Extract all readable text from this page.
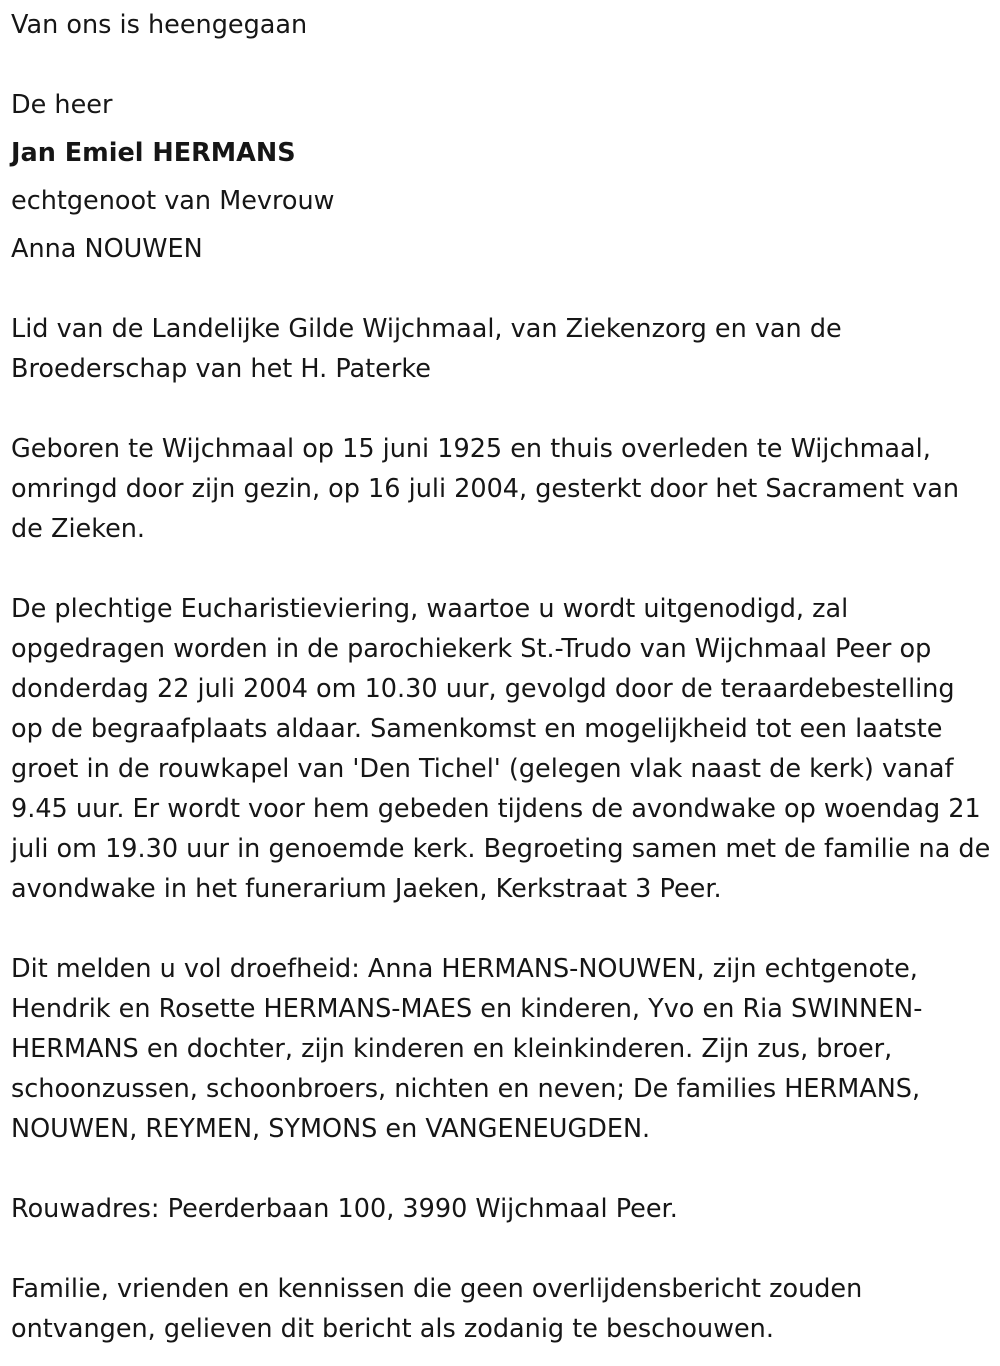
Van ons is heengegaan
De heer
Jan Emiel HERMANS
echtgenoot van Mevrouw
Anna NOUWEN

Lid van de Landelijke Gilde Wijchmaal, van Ziekenzorg en van de Broederschap van het H. Paterke

Geboren te Wijchmaal op 15 juni 1925 en thuis overleden te Wijchmaal, omringd door zijn gezin, op 16 juli 2004, gesterkt door het Sacrament van de Zieken.

De plechtige Eucharistieviering, waartoe u wordt uitgenodigd, zal opgedragen worden in de parochiekerk St.-Trudo van Wijchmaal Peer op donderdag 22 juli 2004 om 10.30 uur, gevolgd door de teraardebestelling op de begraafplaats aldaar. Samenkomst en mogelijkheid tot een laatste groet in de rouwkapel van 'Den Tichel' (gelegen vlak naast de kerk) vanaf 9.45 uur. Er wordt voor hem gebeden tijdens de avondwake op woendag 21 juli om 19.30 uur in genoemde kerk. Begroeting samen met de familie na de avondwake in het funerarium Jaeken, Kerkstraat 3 Peer.

Dit melden u vol droefheid: Anna HERMANS-NOUWEN, zijn echtgenote, Hendrik en Rosette HERMANS-MAES en kinderen, Yvo en Ria SWINNEN-HERMANS en dochter, zijn kinderen en kleinkinderen. Zijn zus, broer, schoonzussen, schoonbroers, nichten en neven; De families HERMANS, NOUWEN, REYMEN, SYMONS en VANGENEUGDEN.

Rouwadres: Peerderbaan 100, 3990 Wijchmaal Peer.

Familie, vrienden en kennissen die geen overlijdensbericht zouden ontvangen, gelieven dit bericht als zodanig te beschouwen.
